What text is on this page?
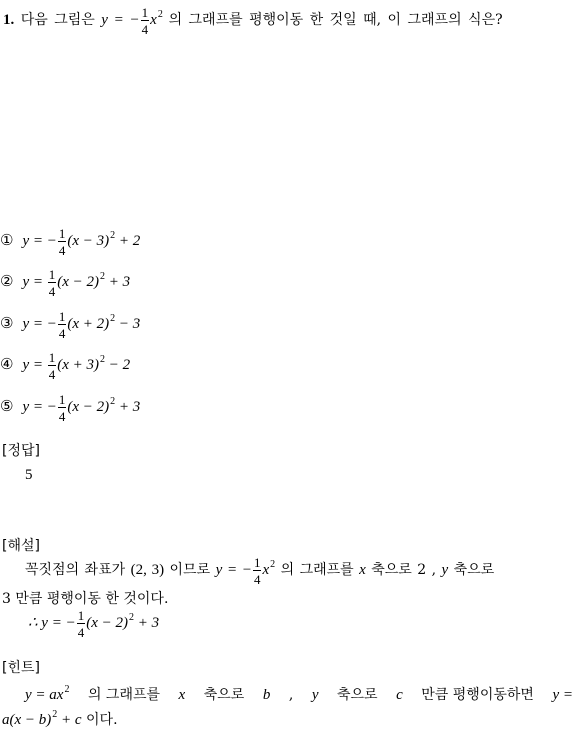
1. 다음 그림은 y = − $\frac{1}{4} x^2$ 의 그래프를 평행이동 한 것일 때, 이 그래프의 식은?
① y = − $\frac{1}{4} (x - 3)^2 + 2$
② $y = \frac{1}{4} (x - 2)^2 + 3$
③ y = − $\frac{1}{4} (x + 2)^2 - 3$
④ $y = \frac{1}{4} (x + 3)^2 - 2$
⑤ y = − $\frac{1}{4} (x - 2)^2 + 3$
[정답]
5
[해설]
꼭짓점의 좌표가 (2, 3) 이므로 y = − $\frac{1}{4} x^2$ 의 그래프를 x 축으로 2 , y 축으로
3 만큼 평행이동 한 것이다.
∴ y = − $\frac{1}{4} (x - 2)^2 + 3$
[힌트]
$y = ax^2$ 의 그래프를 x 축으로 b , y 축으로 c 만큼 평행이동하면 y =
$a(x - b)^2 + c$ 이다.
